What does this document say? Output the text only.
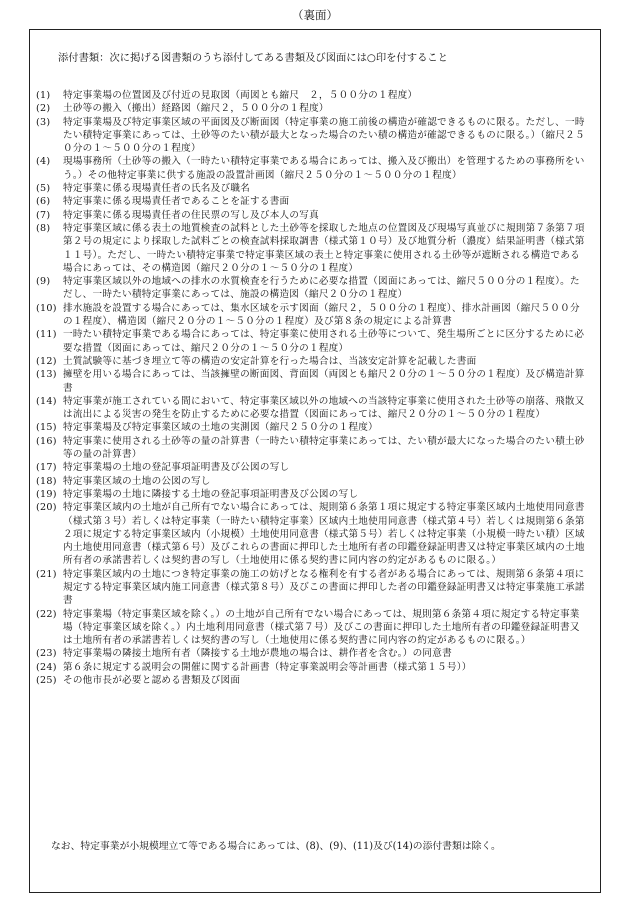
（裏面）
添付書類：次に掲げる図書類のうち添付してある書類及び図面には○印を付すること
(1)	特定事業場の位置図及び付近の見取図（両図とも縮尺　２，５００分の１程度）
(2)	土砂等の搬入（搬出）経路図（縮尺２，５００分の１程度）
(3)	特定事業場及び特定事業区域の平面図及び断面図（特定事業の施工前後の構造が確認できるものに限る。ただし、一時たい積特定事業にあっては、土砂等のたい積が最大となった場合のたい積の構造が確認できるものに限る。）（縮尺２５０分の１～５００分の１程度）
(4)	現場事務所（土砂等の搬入（一時たい積特定事業である場合にあっては、搬入及び搬出）を管理するための事務所をいう。）その他特定事業に供する施設の設置計画図（縮尺２５０分の１～５００分の１程度）
(5)	特定事業に係る現場責任者の氏名及び職名
(6)	特定事業に係る現場責任者であることを証する書面
(7)	特定事業に係る現場責任者の住民票の写し及び本人の写真
(8)	特定事業区域に係る表土の地質検査の試料とした土砂等を採取した地点の位置図及び現場写真並びに規則第７条第７項第２号の規定により採取した試料ごとの検査試料採取調書（様式第１０号）及び地質分析（濃度）結果証明書（様式第１１号）。ただし、一時たい積特定事業で特定事業区域の表土と特定事業に使用される土砂等が遮断される構造である場合にあっては、その構造図（縮尺２０分の１～５０分の１程度）
(9)	特定事業区域以外の地域への排水の水質検査を行うために必要な措置（図面にあっては、縮尺５００分の１程度）。ただし、一時たい積特定事業にあっては、施設の構造図（縮尺２０分の１程度）
(10) 排水施設を設置する場合にあっては、集水区域を示す図面（縮尺２，５００分の１程度）、排水計画図（縮尺５００分の１程度）、構造図（縮尺２０分の１～５０分の１程度）及び第８条の規定による計算書
(11) 一時たい積特定事業である場合にあっては、特定事業に使用される土砂等について、発生場所ごとに区分するために必要な措置（図面にあっては、縮尺２０分の１～５０分の１程度）
(12) 土質試験等に基づき埋立て等の構造の安定計算を行った場合は、当該安定計算を記載した書面
(13) 擁壁を用いる場合にあっては、当該擁壁の断面図、背面図（両図とも縮尺２０分の１～５０分の１程度）及び構造計算書
(14) 特定事業が施工されている間において、特定事業区域以外の地域への当該特定事業に使用された土砂等の崩落、飛散又は流出による災害の発生を防止するために必要な措置（図面にあっては、縮尺２０分の１～５０分の１程度）
(15) 特定事業場及び特定事業区域の土地の実測図（縮尺２５０分の１程度）
(16) 特定事業に使用される土砂等の量の計算書（一時たい積特定事業にあっては、たい積が最大になった場合のたい積土砂等の量の計算書）
(17) 特定事業場の土地の登記事項証明書及び公図の写し
(18) 特定事業区域の土地の公図の写し
(19) 特定事業場の土地に隣接する土地の登記事項証明書及び公図の写し
(20) 特定事業区域内の土地が自己所有でない場合にあっては、規則第６条第１項に規定する特定事業区域内土地使用同意書（様式第３号）若しくは特定事業（一時たい積特定事業）区域内土地使用同意書（様式第４号）若しくは規則第６条第２項に規定する特定事業区域内（小規模）土地使用同意書（様式第５号）若しくは特定事業（小規模一時たい積）区域内土地使用同意書（様式第６号）及びこれらの書面に押印した土地所有者の印鑑登録証明書又は特定事業区域内の土地所有者の承諾書若しくは契約書の写し（土地使用に係る契約書に同内容の約定があるものに限る。）
(21) 特定事業区域内の土地につき特定事業の施工の妨げとなる権利を有する者がある場合にあっては、規則第６条第４項に規定する特定事業区域内施工同意書（様式第８号）及びこの書面に押印した者の印鑑登録証明書又は特定事業施工承諾書
(22) 特定事業場（特定事業区域を除く。）の土地が自己所有でない場合にあっては、規則第６条第４項に規定する特定事業場（特定事業区域を除く。）内土地利用同意書（様式第７号）及びこの書面に押印した土地所有者の印鑑登録証明書又は土地所有者の承諾書若しくは契約書の写し（土地使用に係る契約書に同内容の約定があるものに限る。）
(23) 特定事業場の隣接土地所有者（隣接する土地が農地の場合は、耕作者を含む。）の同意書
(24) 第６条に規定する説明会の開催に関する計画書（特定事業説明会等計画書（様式第１５号））
(25) その他市長が必要と認める書類及び図面
なお、特定事業が小規模埋立て等である場合にあっては、(8)、(9)、(11)及び(14)の添付書類は除く。
